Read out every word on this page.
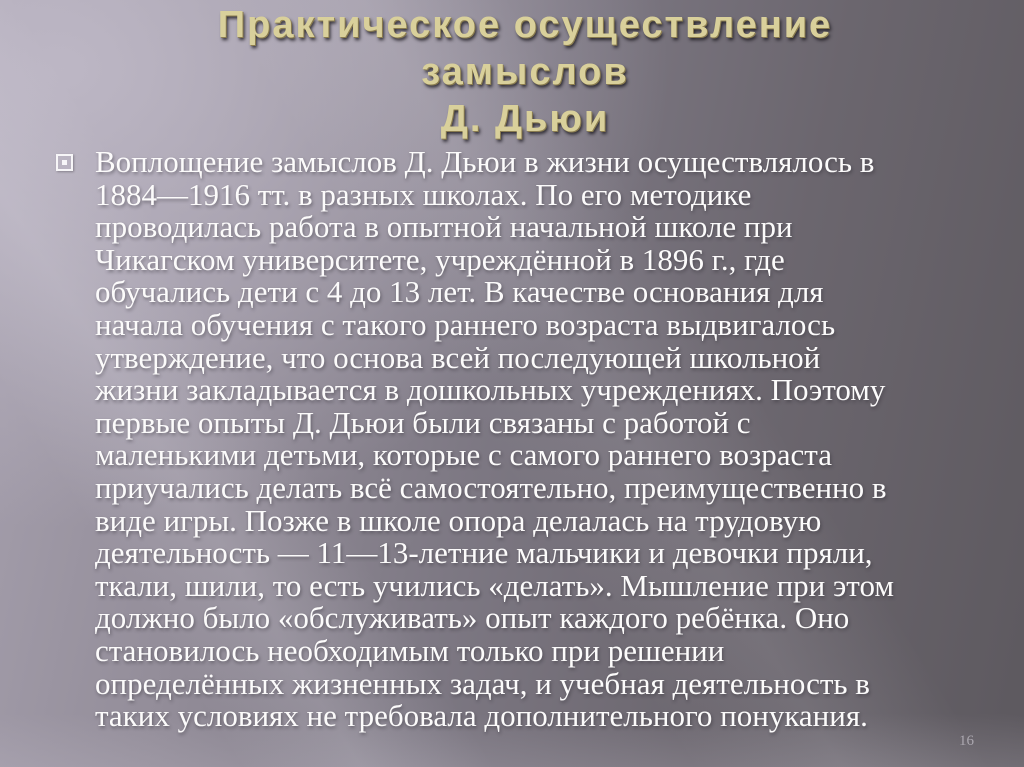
Практическое осуществление
замыслов
Д. Дьюи
Воплощение замыслов Д. Дьюи в жизни осуществлялось в
1884—1916 тт. в разных школах. По его методике
проводилась работа в опытной начальной школе при
Чикагском университете, учреждённой в 1896 г., где
обучались дети с 4 до 13 лет. В качестве основания для
начала обучения с такого раннего возраста выдвигалось
утверждение, что основа всей последующей школьной
жизни закладывается в дошкольных учреждениях. Поэтому
первые опыты Д. Дьюи были связаны с работой с
маленькими детьми, которые с самого раннего возраста
приучались делать всё самостоятельно, преимущественно в
виде игры. Позже в школе опора делалась на трудовую
деятельность — 11—13-летние мальчики и девочки пряли,
ткали, шили, то есть учились «делать». Мышление при этом
должно было «обслуживать» опыт каждого ребёнка. Оно
становилось необходимым только при решении
определённых жизненных задач, и учебная деятельность в
таких условиях не требовала дополнительного понукания.
16
